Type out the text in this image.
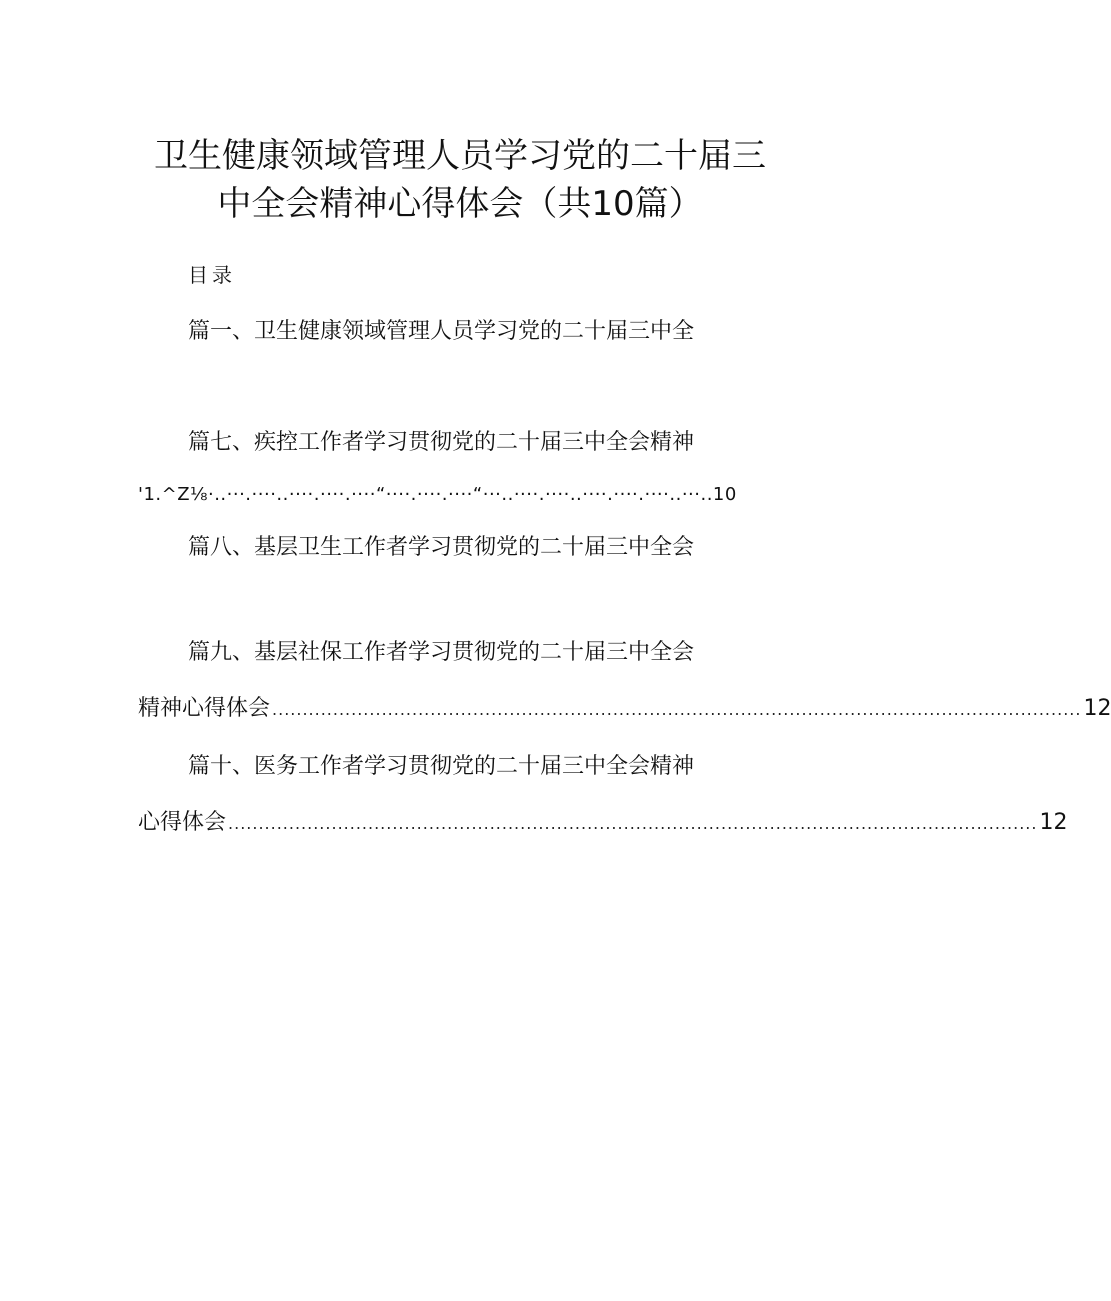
卫生健康领域管理人员学习党的二十届三
中全会精神心得体会（共10篇）
目录
篇一、卫生健康领域管理人员学习党的二十届三中全
篇七、疾控工作者学习贯彻党的二十届三中全会精神
'1.^Z⅛·..···.····..····.····.····“····.····.····“···..····.····..····.····.····..···..10
篇八、基层卫生工作者学习贯彻党的二十届三中全会
篇九、基层社保工作者学习贯彻党的二十届三中全会
精神心得体会 ..................................................................................................................................... 12
篇十、医务工作者学习贯彻党的二十届三中全会精神
心得体会 ..................................................................................................................................... 12
